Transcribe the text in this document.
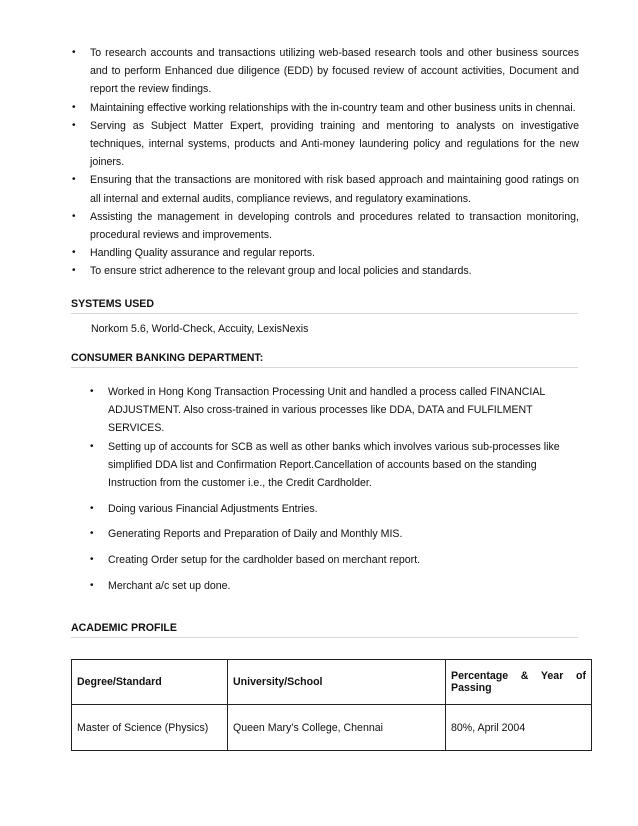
• To research accounts and transactions utilizing web-based research tools and other business sources and to perform Enhanced due diligence (EDD) by focused review of account activities, Document and report the review findings.
• Maintaining effective working relationships with the in-country team and other business units in chennai.
• Serving as Subject Matter Expert, providing training and mentoring to analysts on investigative techniques, internal systems, products and Anti-money laundering policy and regulations for the new joiners.
• Ensuring that the transactions are monitored with risk based approach and maintaining good ratings on all internal and external audits, compliance reviews, and regulatory examinations.
• Assisting the management in developing controls and procedures related to transaction monitoring, procedural reviews and improvements.
• Handling Quality assurance and regular reports.
• To ensure strict adherence to the relevant group and local policies and standards.
SYSTEMS USED
Norkom 5.6, World-Check, Accuity, LexisNexis
CONSUMER BANKING DEPARTMENT:
• Worked in Hong Kong Transaction Processing Unit and handled a process called FINANCIAL ADJUSTMENT. Also cross-trained in various processes like DDA, DATA and FULFILMENT SERVICES.
• Setting up of accounts for SCB as well as other banks which involves various sub-processes like simplified DDA list and Confirmation Report.Cancellation of accounts based on the standing Instruction from the customer i.e., the Credit Cardholder.
• Doing various Financial Adjustments Entries.
• Generating Reports and Preparation of Daily and Monthly MIS.
• Creating Order setup for the cardholder based on merchant report.
• Merchant a/c set up done.
ACADEMIC PROFILE
Degree/Standard	University/School	Percentage & Year of Passing
Master of Science (Physics)	Queen Mary’s College, Chennai	80%, April 2004
